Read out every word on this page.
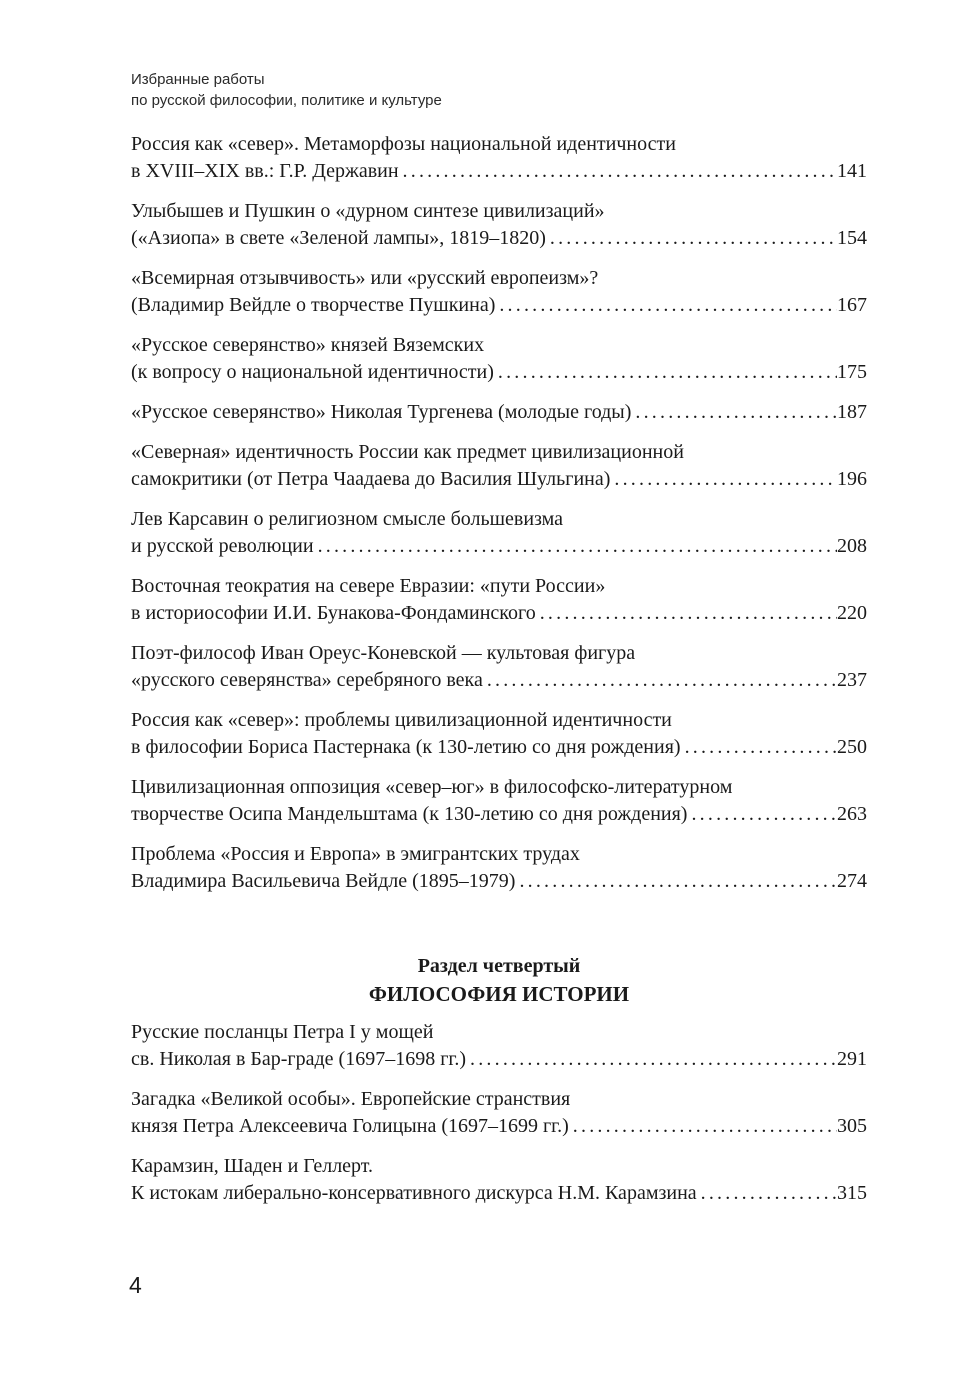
Избранные работы
по русской философии, политике и культуре
Россия как «север». Метаморфозы национальной идентичности
в XVIII–XIX вв.: Г.Р. Державин .....	141
Улыбышев и Пушкин о «дурном синтезе цивилизаций»
(«Азиопа» в свете «Зеленой лампы», 1819–1820) .....	154
«Всемирная отзывчивость» или «русский европеизм»?
(Владимир Вейдле о творчестве Пушкина) .....	167
«Русское северянство» князей Вяземских
(к вопросу о национальной идентичности) .....	175
«Русское северянство» Николая Тургенева (молодые годы) .....	187
«Северная» идентичность России как предмет цивилизационной
самокритики (от Петра Чаадаева до Василия Шульгина) .....	196
Лев Карсавин о религиозном смысле большевизма
и русской революции .....	208
Восточная теократия на севере Евразии: «пути России»
в историософии И.И. Бунакова-Фондаминского .....	220
Поэт-философ Иван Ореус-Коневской — культовая фигура
«русского северянства» серебряного века .....	237
Россия как «север»: проблемы цивилизационной идентичности
в философии Бориса Пастернака (к 130-летию со дня рождения) .....	250
Цивилизационная оппозиция «север–юг» в философско-литературном
творчестве Осипа Мандельштама (к 130-летию со дня рождения) .....	263
Проблема «Россия и Европа» в эмигрантских трудах
Владимира Васильевича Вейдле (1895–1979) .....	274
Раздел четвертый
ФИЛОСОФИЯ ИСТОРИИ
Русские посланцы Петра I у мощей
св. Николая в Бар-граде (1697–1698 гг.) .....	291
Загадка «Великой особы». Европейские странствия
князя Петра Алексеевича Голицына (1697–1699 гг.) .....	305
Карамзин, Шаден и Геллерт.
К истокам либерально-консервативного дискурса Н.М. Карамзина .....	315
4
